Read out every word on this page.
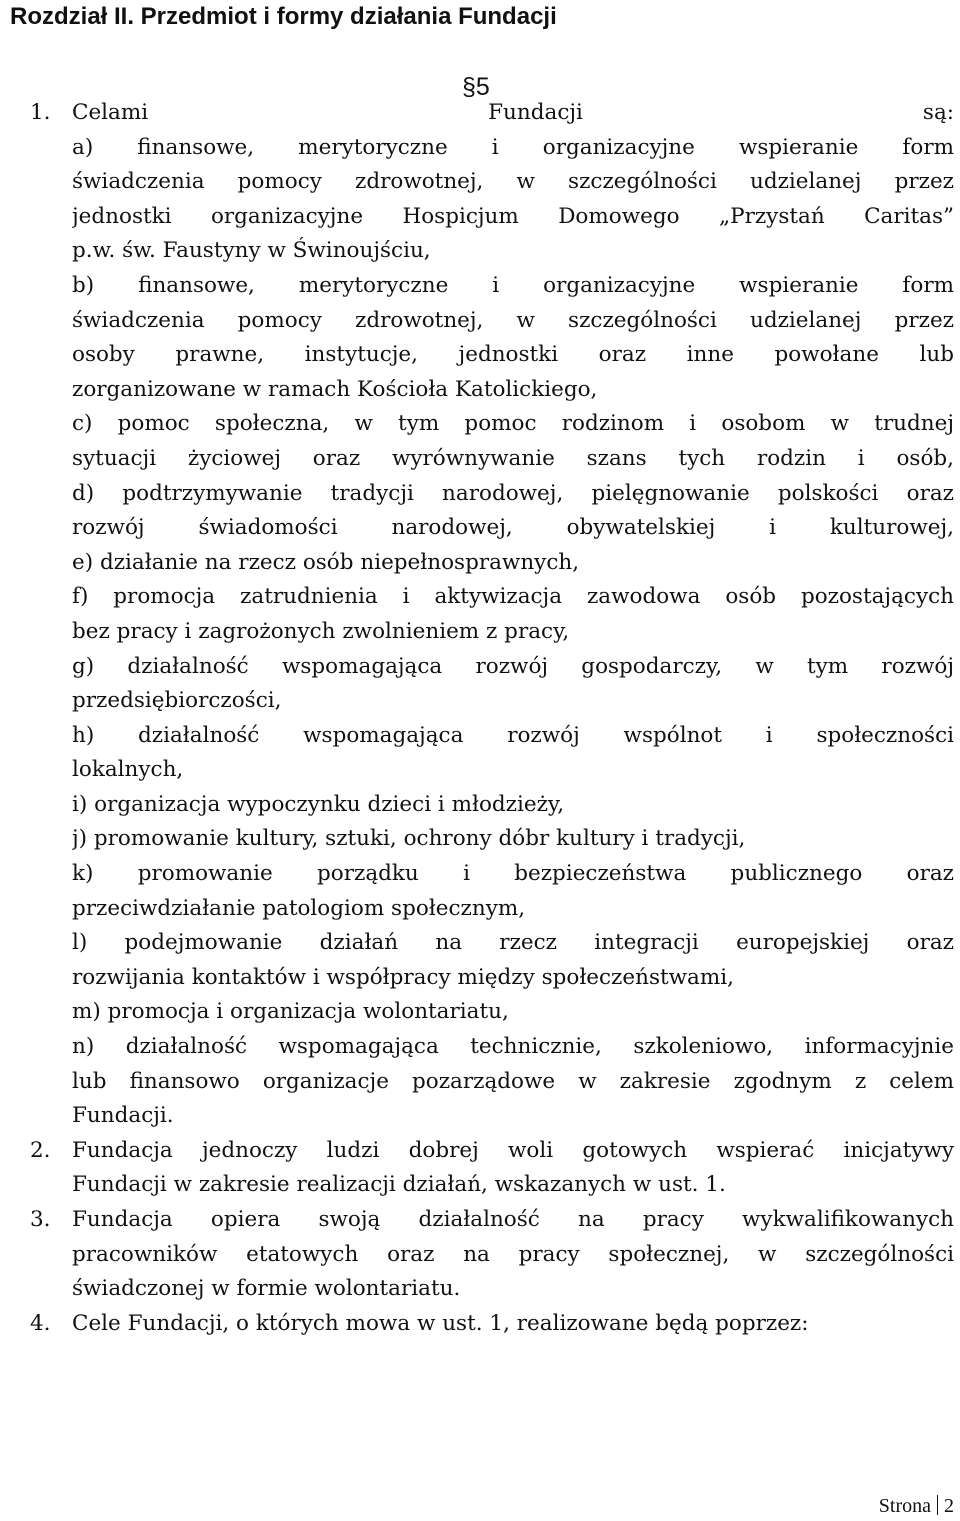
Rozdział II. Przedmiot i formy działania Fundacji
§5
1. Celami Fundacji są:
a) finansowe, merytoryczne i organizacyjne wspieranie form
świadczenia pomocy zdrowotnej, w szczególności udzielanej przez
jednostki organizacyjne Hospicjum Domowego „Przystań Caritas”
p.w. św. Faustyny w Świnoujściu,
b) finansowe, merytoryczne i organizacyjne wspieranie form
świadczenia pomocy zdrowotnej, w szczególności udzielanej przez
osoby prawne, instytucje, jednostki oraz inne powołane lub
zorganizowane w ramach Kościoła Katolickiego,
c) pomoc społeczna, w tym pomoc rodzinom i osobom w trudnej
sytuacji życiowej oraz wyrównywanie szans tych rodzin i osób,
d) podtrzymywanie tradycji narodowej, pielęgnowanie polskości oraz
rozwój świadomości narodowej, obywatelskiej i kulturowej,
e) działanie na rzecz osób niepełnosprawnych,
f) promocja zatrudnienia i aktywizacja zawodowa osób pozostających
bez pracy i zagrożonych zwolnieniem z pracy,
g) działalność wspomagająca rozwój gospodarczy, w tym rozwój
przedsiębiorczości,
h) działalność wspomagająca rozwój wspólnot i społeczności
lokalnych,
i) organizacja wypoczynku dzieci i młodzieży,
j) promowanie kultury, sztuki, ochrony dóbr kultury i tradycji,
k) promowanie porządku i bezpieczeństwa publicznego oraz
przeciwdziałanie patologiom społecznym,
l) podejmowanie działań na rzecz integracji europejskiej oraz
rozwijania kontaktów i współpracy między społeczeństwami,
m) promocja i organizacja wolontariatu,
n) działalność wspomagająca technicznie, szkoleniowo, informacyjnie
lub finansowo organizacje pozarządowe w zakresie zgodnym z celem
Fundacji.
2. Fundacja jednoczy ludzi dobrej woli gotowych wspierać inicjatywy
Fundacji w zakresie realizacji działań, wskazanych w ust. 1.
3. Fundacja opiera swoją działalność na pracy wykwalifikowanych
pracowników etatowych oraz na pracy społecznej, w szczególności
świadczonej w formie wolontariatu.
4. Cele Fundacji, o których mowa w ust. 1, realizowane będą poprzez:
Strona 2
